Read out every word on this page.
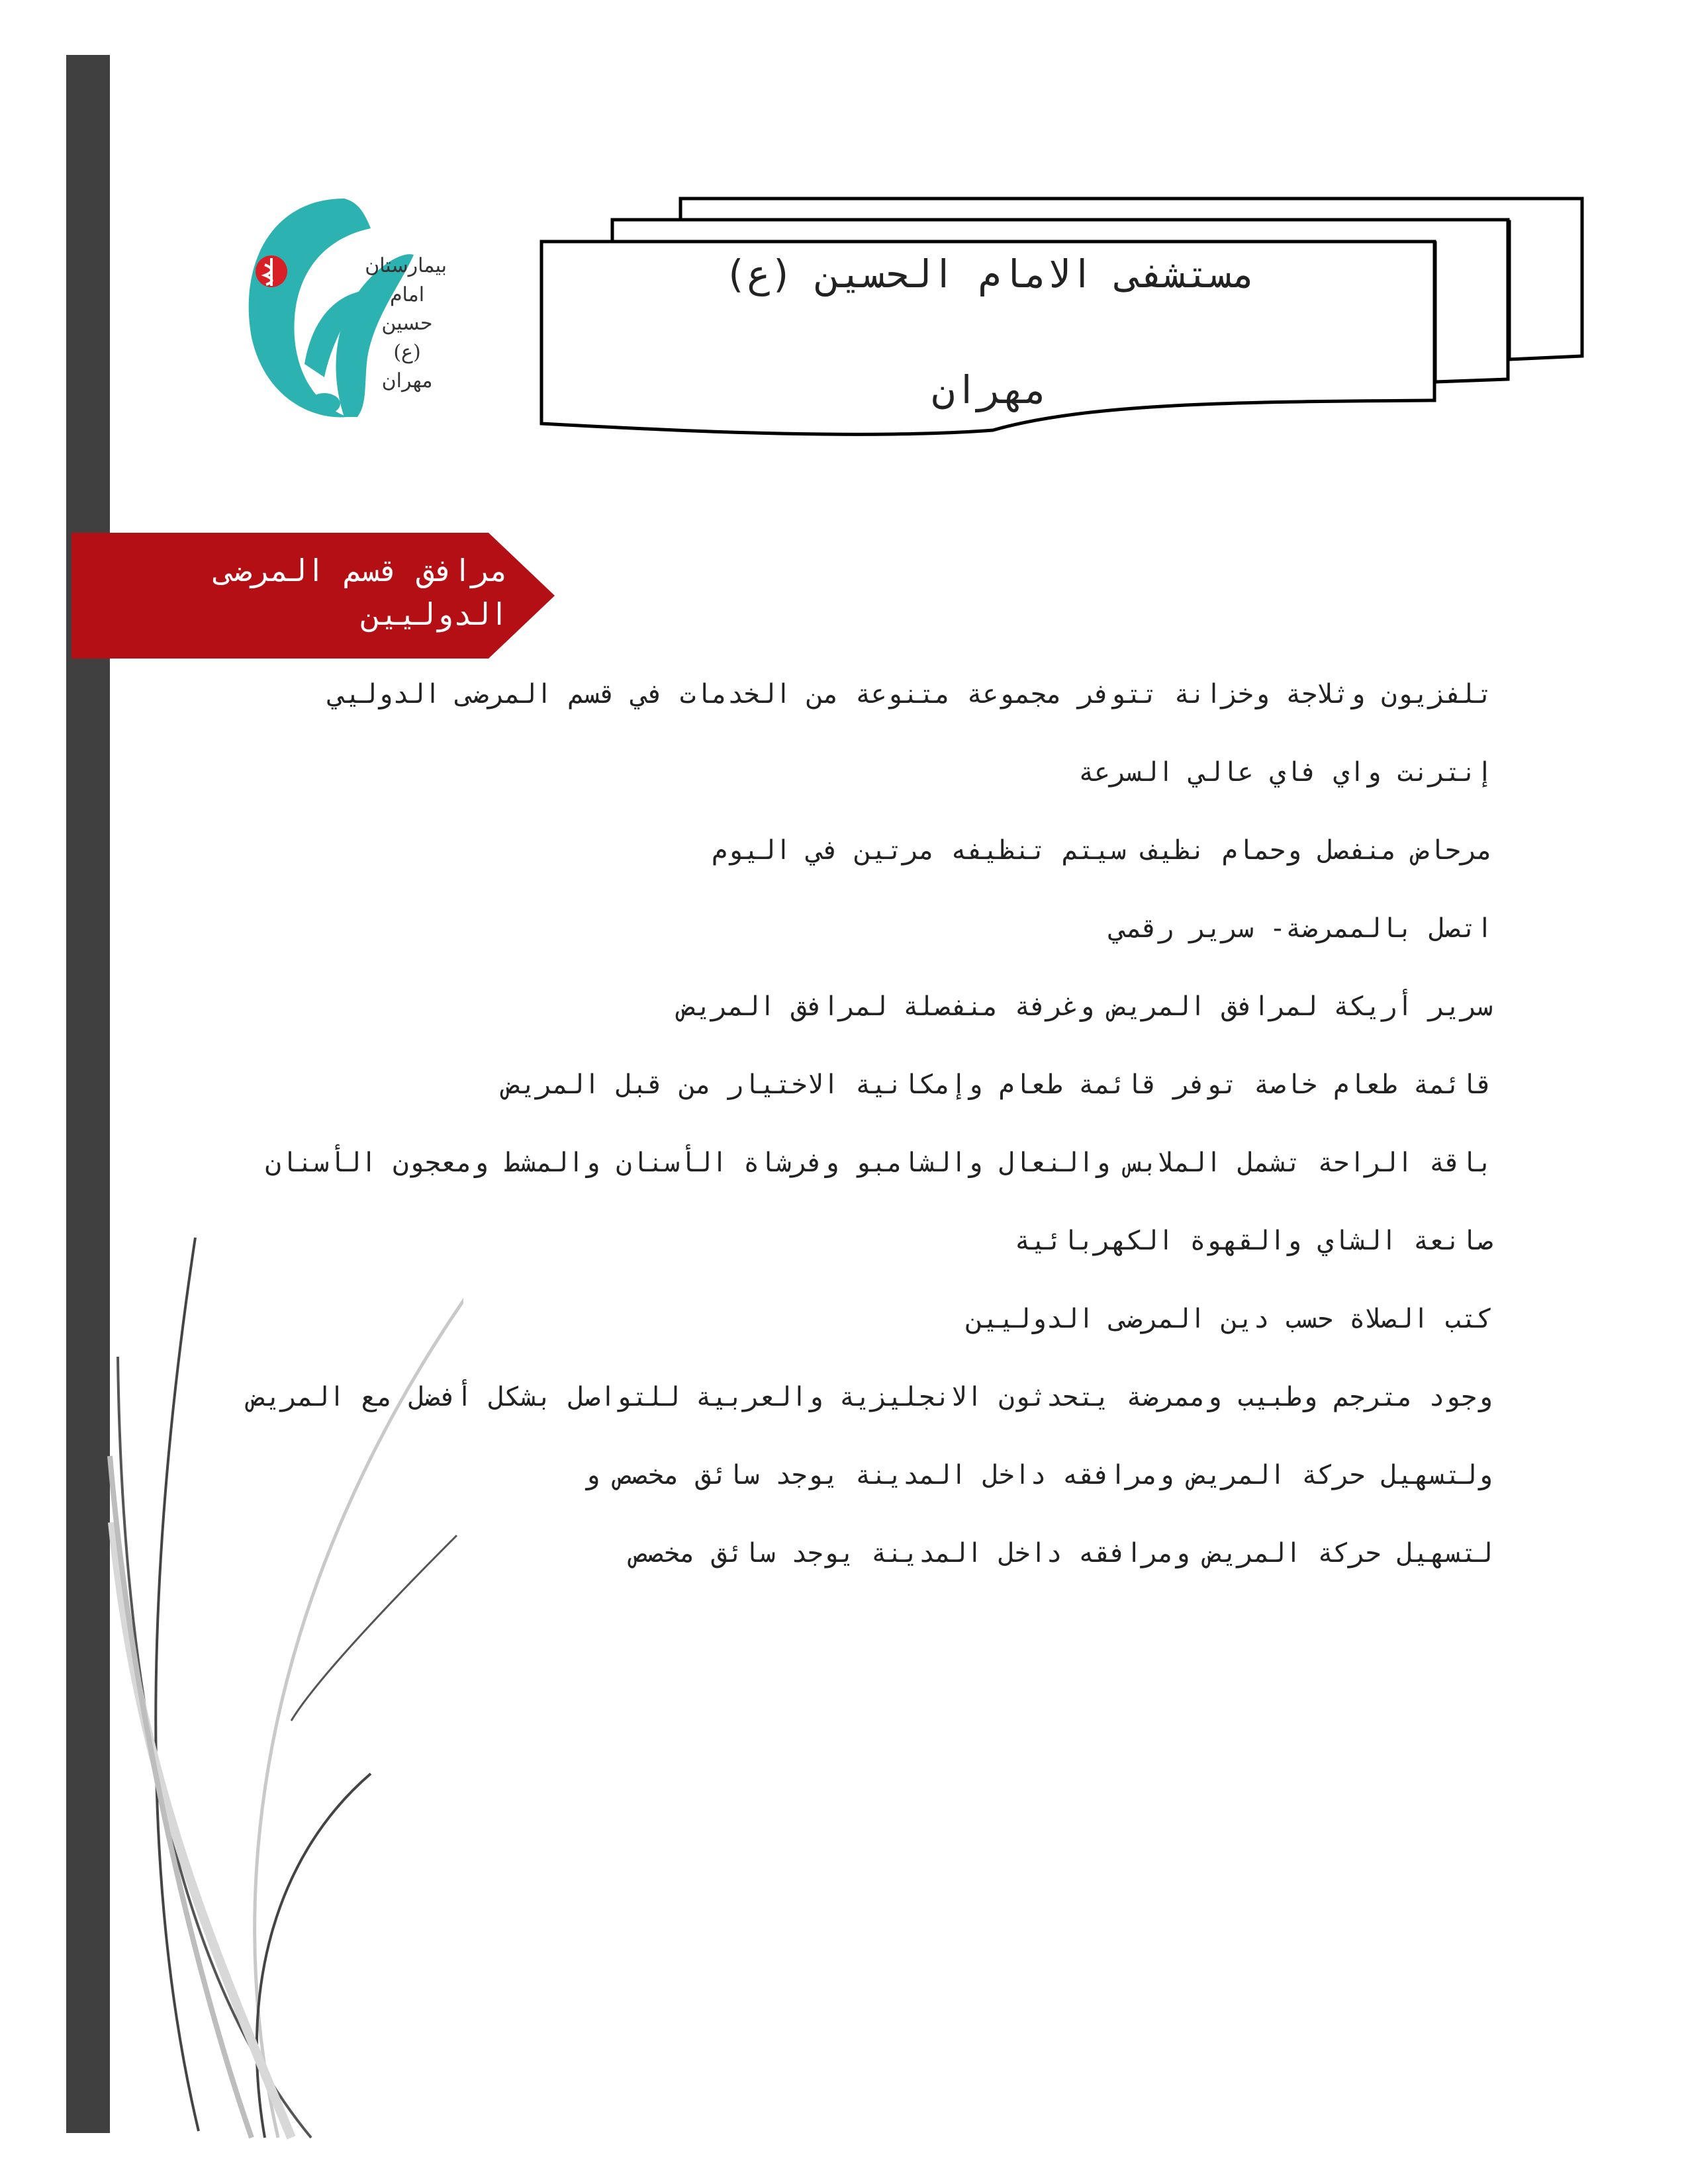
بیمارستان
امام حسین (ع)
مهران
مستشفى الامام الحسين (ع)
مهران
مرافق قسم المرضى الدوليين

تلفزيون وثلاجة وخزانة تتوفر مجموعة متنوعة من الخدمات في قسم المرضى الدوليي

إنترنت واي فاي عالي السرعة

مرحاض منفصل وحمام نظيف سيتم تنظيفه مرتين في اليوم

اتصل بالممرضة- سرير رقمي

سرير أريكة لمرافق المريض وغرفة منفصلة لمرافق المريض

قائمة طعام خاصة توفر قائمة طعام وإمكانية الاختيار من قبل المريض

باقة الراحة تشمل الملابس والنعال والشامبو وفرشاة الأسنان والمشط ومعجون الأسنان

صانعة الشاي والقهوة الكهربائية

كتب الصلاة حسب دين المرضى الدوليين

وجود مترجم وطبيب وممرضة يتحدثون الانجليزية والعربية للتواصل بشكل أفضل مع المريض

ولتسهيل حركة المريض ومرافقه داخل المدينة يوجد سائق مخصص و

لتسهيل حركة المريض ومرافقه داخل المدينة يوجد سائق مخصص
